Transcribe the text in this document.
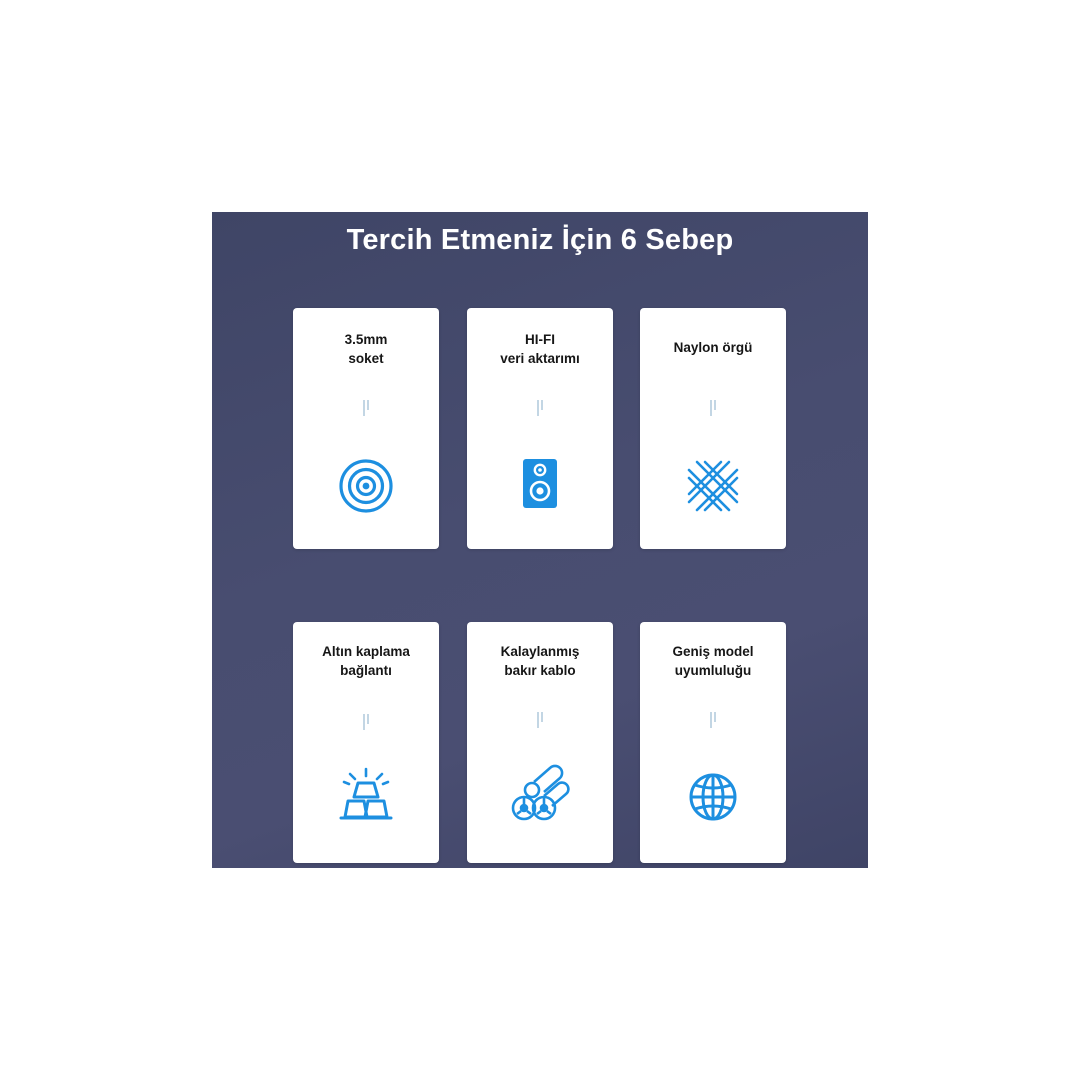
Tercih Etmeniz İçin 6 Sebep
3.5mm
soket
HI-FI
veri aktarımı
Naylon örgü
Altın kaplama
bağlantı
Kalaylanmış
bakır kablo
Geniş model
uyumluluğu
